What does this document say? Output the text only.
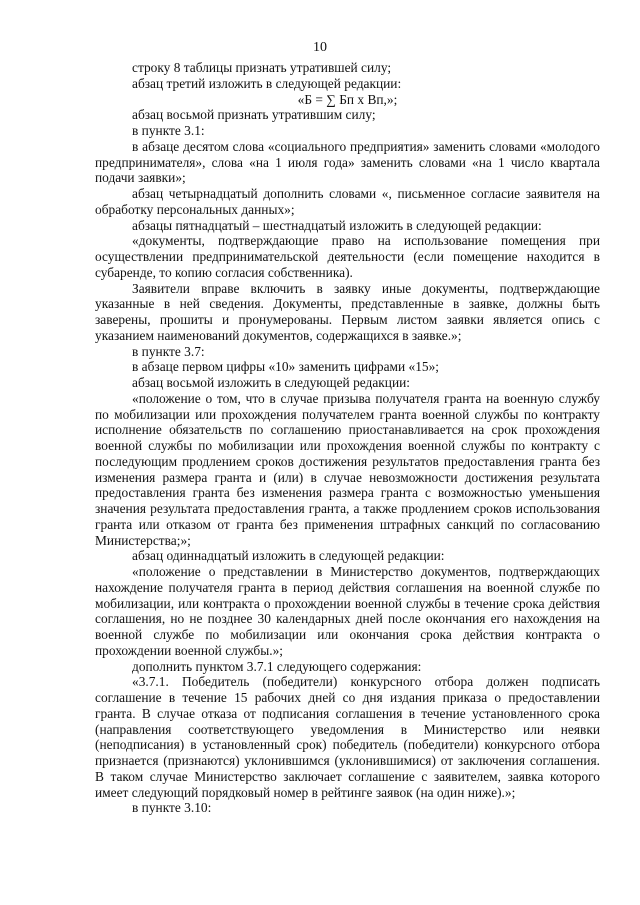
10

строку 8 таблицы признать утратившей силу;

абзац третий изложить в следующей редакции:

«Б = ∑ Бп х Вп,»;

абзац восьмой признать утратившим силу;

в пункте 3.1:

в абзаце десятом слова «социального предприятия» заменить словами «молодого предпринимателя», слова «на 1 июля года» заменить словами «на 1 число квартала подачи заявки»;

абзац четырнадцатый дополнить словами «, письменное согласие заявителя на обработку персональных данных»;

абзацы пятнадцатый – шестнадцатый изложить в следующей редакции:

«документы, подтверждающие право на использование помещения при осуществлении предпринимательской деятельности (если помещение находится в субаренде, то копию согласия собственника).

Заявители вправе включить в заявку иные документы, подтверждающие указанные в ней сведения. Документы, представленные в заявке, должны быть заверены, прошиты и пронумерованы. Первым листом заявки является опись с указанием наименований документов, содержащихся в заявке.»;

в пункте 3.7:

в абзаце первом цифры «10» заменить цифрами «15»;

абзац восьмой изложить в следующей редакции:

«положение о том, что в случае призыва получателя гранта на военную службу по мобилизации или прохождения получателем гранта военной службы по контракту исполнение обязательств по соглашению приостанавливается на срок прохождения военной службы по мобилизации или прохождения военной службы по контракту с последующим продлением сроков достижения результатов предоставления гранта без изменения размера гранта и (или) в случае невозможности достижения результата предоставления гранта без изменения размера гранта с возможностью уменьшения значения результата предоставления гранта, а также продлением сроков использования гранта или отказом от гранта без применения штрафных санкций по согласованию Министерства;»;

абзац одиннадцатый изложить в следующей редакции:

«положение о представлении в Министерство документов, подтверждающих нахождение получателя гранта в период действия соглашения на военной службе по мобилизации, или контракта о прохождении военной службы в течение срока действия соглашения, но не позднее 30 календарных дней после окончания его нахождения на военной службе по мобилизации или окончания срока действия контракта о прохождении военной службы.»;

дополнить пунктом 3.7.1 следующего содержания:

«3.7.1. Победитель (победители) конкурсного отбора должен подписать соглашение в течение 15 рабочих дней со дня издания приказа о предоставлении гранта. В случае отказа от подписания соглашения в течение установленного срока (направления соответствующего уведомления в Министерство или неявки (неподписания) в установленный срок) победитель (победители) конкурсного отбора признается (признаются) уклонившимся (уклонившимися) от заключения соглашения. В таком случае Министерство заключает соглашение с заявителем, заявка которого имеет следующий порядковый номер в рейтинге заявок (на один ниже).»;

в пункте 3.10:
